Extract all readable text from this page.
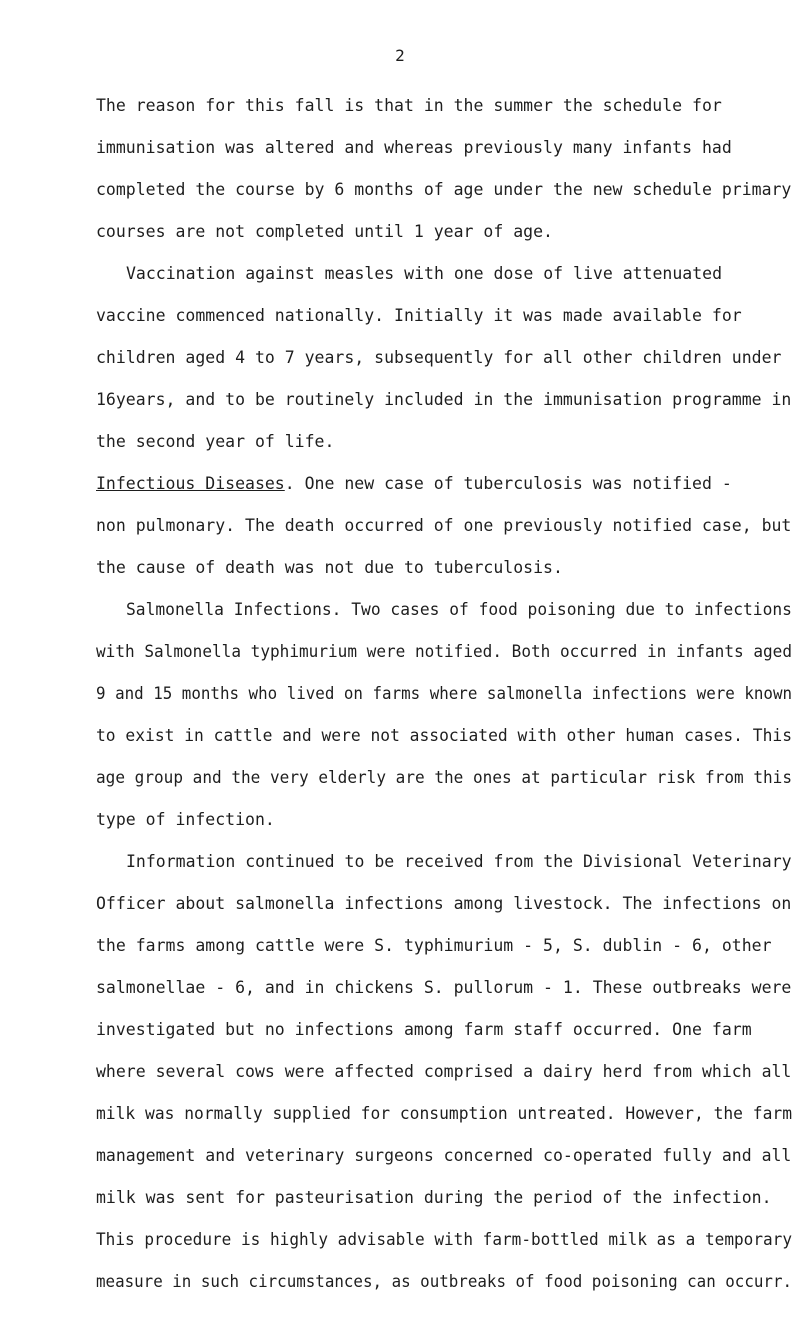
2
The reason for this fall is that in the summer the schedule for
immunisation was altered and whereas previously many infants had
completed the course by 6 months of age under the new schedule primary
courses are not completed until 1 year of age.
Vaccination against measles with one dose of live attenuated
vaccine commenced nationally. Initially it was made available for
children aged 4 to 7 years, subsequently for all other children under
16years, and to be routinely included in the immunisation programme in
the second year of life.
Infectious Diseases. One new case of tuberculosis was notified -
non pulmonary. The death occurred of one previously notified case, but
the cause of death was not due to tuberculosis.
Salmonella Infections. Two cases of food poisoning due to infections
with Salmonella typhimurium were notified. Both occurred in infants aged
9 and 15 months who lived on farms where salmonella infections were known
to exist in cattle and were not associated with other human cases. This
age group and the very elderly are the ones at particular risk from this
type of infection.
Information continued to be received from the Divisional Veterinary
Officer about salmonella infections among livestock. The infections on
the farms among cattle were S. typhimurium - 5, S. dublin - 6, other
salmonellae - 6, and in chickens S. pullorum - 1. These outbreaks were
investigated but no infections among farm staff occurred. One farm
where several cows were affected comprised a dairy herd from which all
milk was normally supplied for consumption untreated. However, the farm
management and veterinary surgeons concerned co-operated fully and all
milk was sent for pasteurisation during the period of the infection.
This procedure is highly advisable with farm-bottled milk as a temporary
measure in such circumstances, as outbreaks of food poisoning can occurr.
